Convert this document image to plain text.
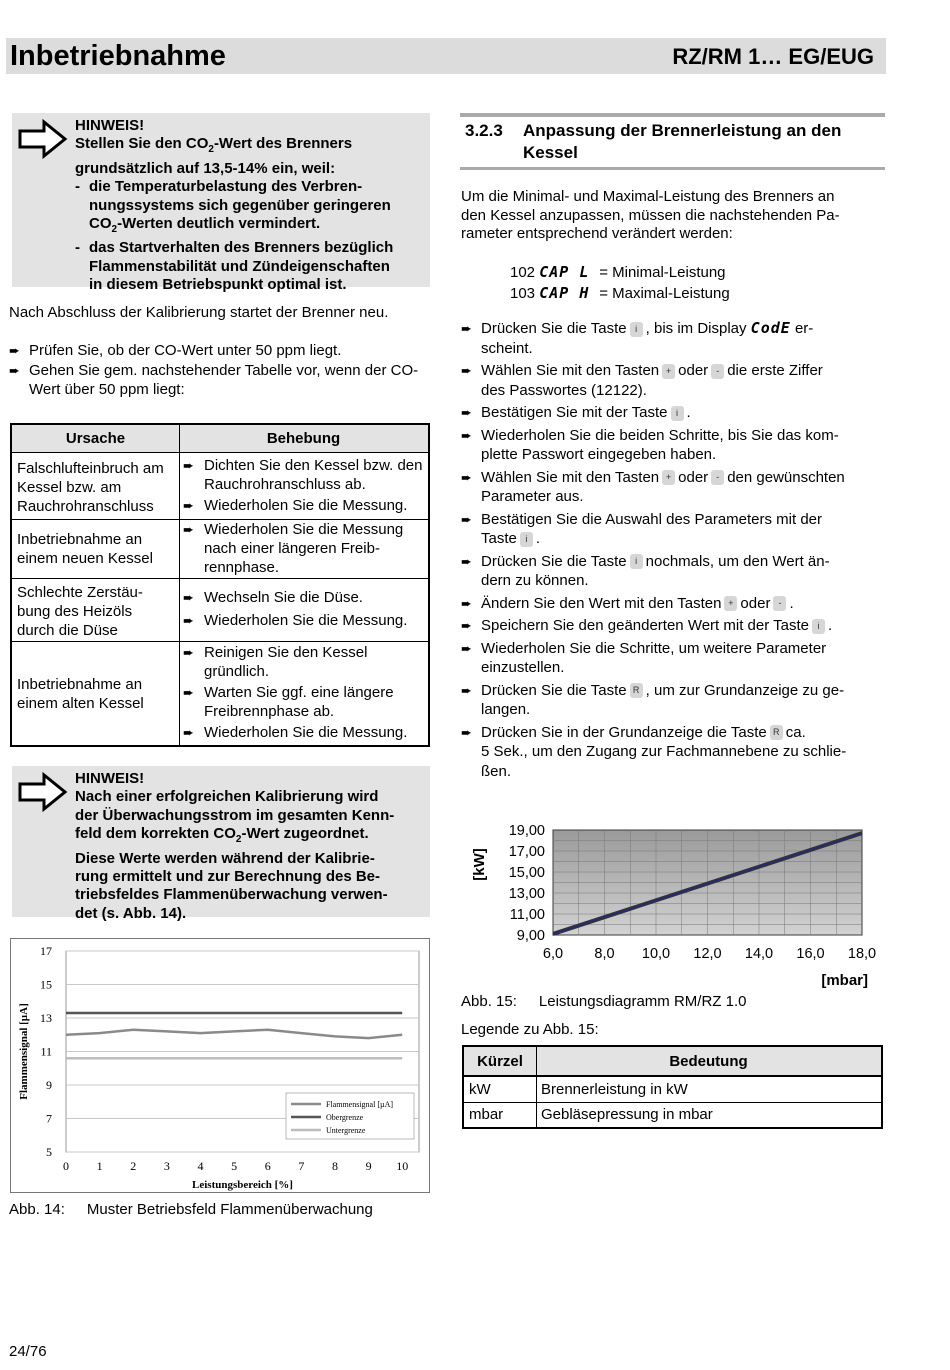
Inbetriebnahme	RZ/RM 1… EG/EUG
HINWEIS!
Stellen Sie den $CO_2$-Wert des Brenners
grundsätzlich auf 13,5-14% ein, weil:
- die Temperaturbelastung des Verbren-
nungssystems sich gegenüber geringeren
$CO_2$-Werten deutlich vermindert.
- das Startverhalten des Brenners bezüglich
Flammenstabilität und Zündeigenschaften
in diesem Betriebspunkt optimal ist.
Nach Abschluss der Kalibrierung startet der Brenner neu.
➨ Prüfen Sie, ob der CO-Wert unter 50 ppm liegt.
➨ Gehen Sie gem. nachstehender Tabelle vor, wenn der CO-Wert über 50 ppm liegt:
Ursache	Behebung
Falschlufteinbruch am Kessel bzw. am Rauchrohranschluss
➨ Dichten Sie den Kessel bzw. den Rauchrohranschluss ab.
➨ Wiederholen Sie die Messung.
Inbetriebnahme an einem neuen Kessel
➨ Wiederholen Sie die Messung nach einer längeren Freib-rennphase.
Schlechte Zerstäu-bung des Heizöls durch die Düse
➨ Wechseln Sie die Düse.
➨ Wiederholen Sie die Messung.
Inbetriebnahme an einem alten Kessel
➨ Reinigen Sie den Kessel gründlich.
➨ Warten Sie ggf. eine längere Freibrennphase ab.
➨ Wiederholen Sie die Messung.
HINWEIS!
Nach einer erfolgreichen Kalibrierung wird
der Überwachungsstrom im gesamten Kenn-
feld dem korrekten $CO_2$-Wert zugeordnet.
Diese Werte werden während der Kalibrie-
rung ermittelt und zur Berechnung des Be-
triebsfeldes Flammenüberwachung verwen-
det (s. Abb. 14).
5
7
9
11
13
15
17
0 1 2 3 4 5 6 7 8 9 10
Leistungsbereich [%]
Flammensignal [µA]
Flammensignal [µA]
Obergrenze
Untergrenze
Abb. 14: Muster Betriebsfeld Flammenüberwachung
3.2.3 Anpassung der Brennerleistung an den
Kessel
Um die Minimal- und Maximal-Leistung des Brenners an
den Kessel anzupassen, müssen die nachstehenden Pa-
rameter entsprechend verändert werden:
102 CAP L = Minimal-Leistung
103 CAP H = Maximal-Leistung
➨ Drücken Sie die Taste i , bis im Display CodE er-
scheint.
➨ Wählen Sie mit den Tasten + oder - die erste Ziffer
des Passwortes (12122).
➨ Bestätigen Sie mit der Taste i .
➨ Wiederholen Sie die beiden Schritte, bis Sie das kom-
plette Passwort eingegeben haben.
➨ Wählen Sie mit den Tasten + oder - den gewünschten
Parameter aus.
➨ Bestätigen Sie die Auswahl des Parameters mit der
Taste i .
➨ Drücken Sie die Taste i nochmals, um den Wert än-
dern zu können.
➨ Ändern Sie den Wert mit den Tasten + oder - .
➨ Speichern Sie den geänderten Wert mit der Taste i .
➨ Wiederholen Sie die Schritte, um weitere Parameter
einzustellen.
➨ Drücken Sie die Taste R , um zur Grundanzeige zu ge-
langen.
➨ Drücken Sie in der Grundanzeige die Taste R ca.
5 Sek., um den Zugang zur Fachmannebene zu schlie-
ßen.
9,00
11,00
13,00
15,00
17,00
19,00
6,0 8,0 10,0 12,0 14,0 16,0 18,0
[mbar]
[kW]
Abb. 15: Leistungsdiagramm RM/RZ 1.0
Legende zu Abb. 15:
Kürzel	Bedeutung
kW	Brennerleistung in kW
mbar	Gebläsepressung in mbar
24/76
